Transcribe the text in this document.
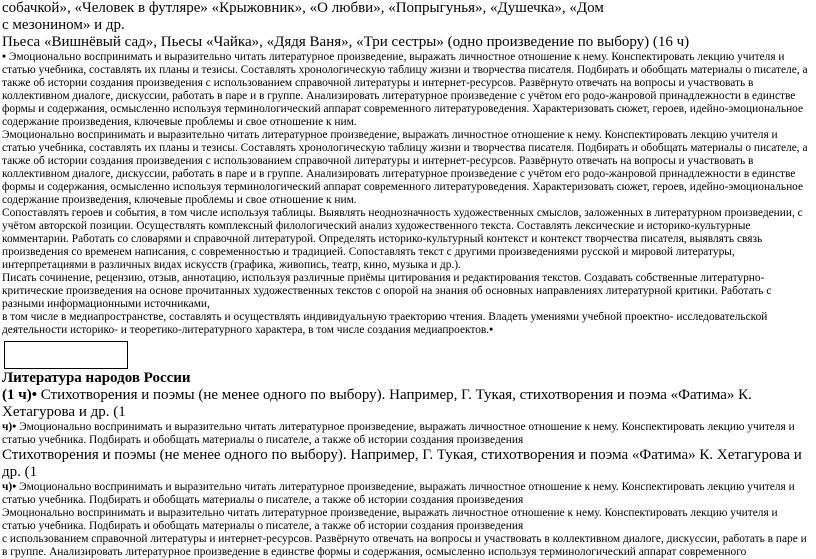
собачкой», «Человек в футляре» «Крыжовник», «О любви», «Попрыгунья», «Душечка», «Дом
с мезонином» и др.
Пьеса «Вишнёвый сад», Пьесы «Чайка», «Дядя Ваня», «Три сестры» (одно произведение по выбору) (16 ч)

• Эмоционально воспринимать и выразительно читать литературное произведение, выражать личностное отношение к нему. Конспектировать лекцию учителя и статью учебника, составлять их планы и тезисы. Составлять хронологическую таблицу жизни и творчества писателя. Подбирать и обобщать материалы о писателе, а также об истории создания произведения с использованием справочной литературы и интернет-ресурсов. Развёрнуто отвечать на вопросы и участвовать в коллективном диалоге, дискуссии, работать в паре и в группе. Анализировать литературное произведение с учётом его родо-жанровой принадлежности в единстве формы и содержания, осмысленно используя терминологический аппарат современного литературоведения. Характеризовать сюжет, героев, идейно-эмоциональное содержание произведения, ключевые проблемы и свое отношение к ним.

Эмоционально воспринимать и выразительно читать литературное произведение, выражать личностное отношение к нему. Конспектировать лекцию учителя и статью учебника, составлять их планы и тезисы. Составлять хронологическую таблицу жизни и творчества писателя. Подбирать и обобщать материалы о писателе, а также об истории создания произведения с использованием справочной литературы и интернет-ресурсов. Развёрнуто отвечать на вопросы и участвовать в коллективном диалоге, дискуссии, работать в паре и в группе. Анализировать литературное произведение с учётом его родо-жанровой принадлежности в единстве формы и содержания, осмысленно используя терминологический аппарат современного литературоведения. Характеризовать сюжет, героев, идейно-эмоциональное содержание произведения, ключевые проблемы и свое отношение к ним.

Сопоставлять героев и события, в том числе используя таблицы. Выявлять неоднозначность художественных смыслов, заложенных в литературном произведении, с учётом авторской позиции. Осуществлять комплексный филологический анализ художественного текста. Составлять лексические и историко-культурные комментарии. Работать со словарями и справочной литературой. Определять историко-культурный контекст и контекст творчества писателя, выявлять связь произведения со временем написания, с современностью и традицией. Сопоставлять текст с другими произведениями русской и мировой литературы, интерпретациями в различных видах искусств (графика, живопись, театр, кино, музыка и др.).

Писать сочинение, рецензию, отзыв, аннотацию, используя различные приёмы цитирования и редактирования текстов. Создавать собственные литературно-критические произведения на основе прочитанных художественных текстов с опорой на знания об основных направлениях литературной критики. Работать с разными информационными источниками,

в том числе в медиапространстве, составлять и осуществлять индивидуальную траекторию чтения. Владеть умениями учебной проектно- исследовательской деятельности историко- и теоретико-литературного характера, в том числе создания медиапроектов.•

Литература народов России
(1 ч)• Стихотворения и поэмы (не менее одного по выбору). Например, Г. Тукая, стихотворения и поэма «Фатима» К. Хетагурова и др. (1
ч)• Эмоционально воспринимать и выразительно читать литературное произведение, выражать личностное отношение к нему. Конспектировать лекцию учителя и статью учебника. Подбирать и обобщать материалы о писателе, а также об истории создания произведения
Стихотворения и поэмы (не менее одного по выбору). Например, Г. Тукая, стихотворения и поэма «Фатима» К. Хетагурова и др. (1
ч)• Эмоционально воспринимать и выразительно читать литературное произведение, выражать личностное отношение к нему. Конспектировать лекцию учителя и статью учебника. Подбирать и обобщать материалы о писателе, а также об истории создания произведения
Эмоционально воспринимать и выразительно читать литературное произведение, выражать личностное отношение к нему. Конспектировать лекцию учителя и статью учебника. Подбирать и обобщать материалы о писателе, а также об истории создания произведения
с использованием справочной литературы и интернет-ресурсов. Развёрнуто отвечать на вопросы и участвовать в коллективном диалоге, дискуссии, работать в паре и в группе. Анализировать литературное произведение в единстве формы и содержания, осмысленно используя терминологический аппарат современного
